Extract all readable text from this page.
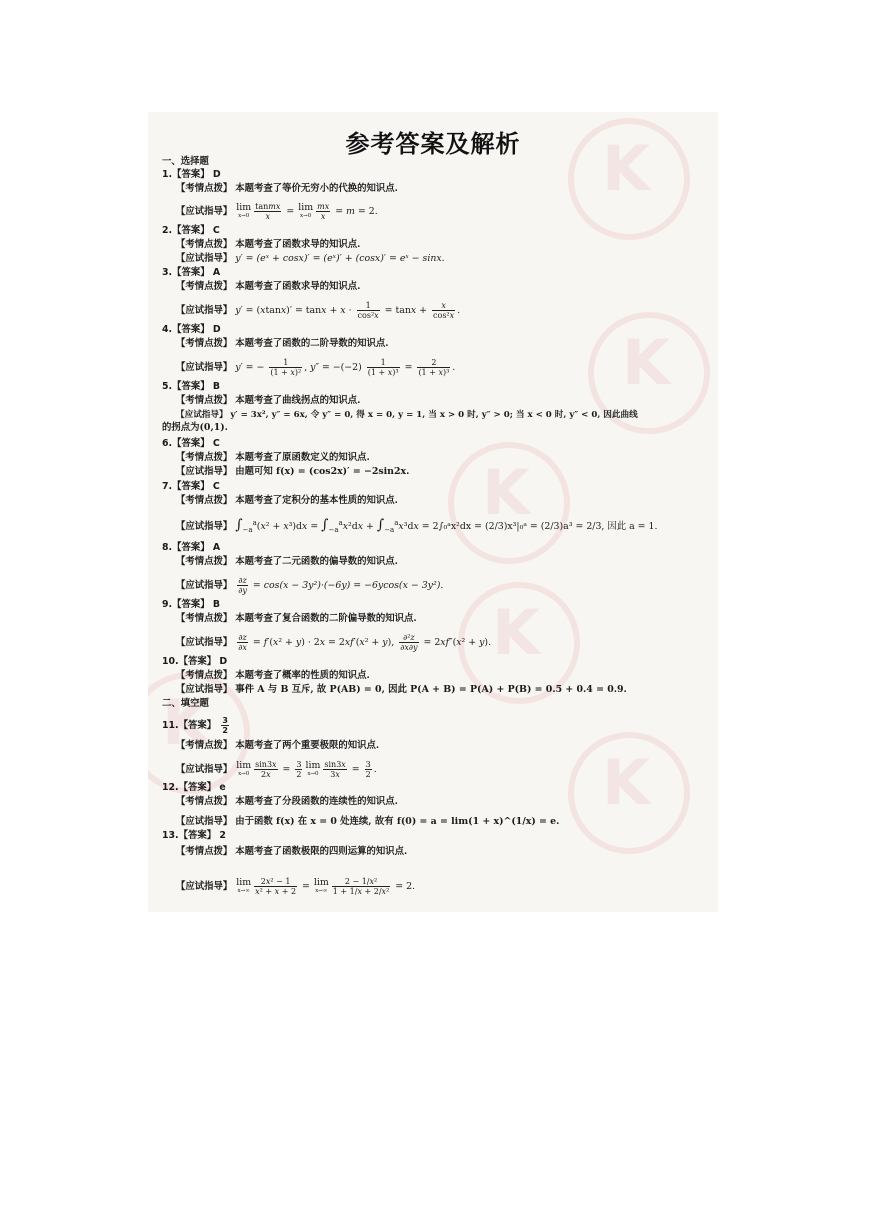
K
K
K
K
K
K
参考答案及解析
一、选择题
1.【答案】 D
【考情点拨】 本题考查了等价无穷小的代换的知识点.
【应试指导】 lim
$x\to 0 \frac{\text{tanmx}}{x} = \lim$
$x\to 0 \frac{mx}{x} = m = 2$.
2.【答案】 C
【考情点拨】 本题考查了函数求导的知识点.
【应试指导】 y′ = (eˣ + cosx)′ = (eˣ)′ + (cosx)′ = eˣ − sinx.
3.【答案】 A
【考情点拨】 本题考查了函数求导的知识点.
【应试指导】 $y' = (xtanx)' = \tan x + x \cdot \frac{1}{\text{cos²x}} = \tan x + \frac{x}{\text{cos²x}}$ .
4.【答案】 D
【考情点拨】 本题考查了函数的二阶导数的知识点.
【应试指导】 y′ = − $\frac{1}{\text{(1 + x)²}}$ , $y'' = -(-2) \frac{1}{\text{(1 + x)³}} = \frac{2}{\text{(1 + x)³}}$ .
5.【答案】 B
【考情点拨】 本题考查了曲线拐点的知识点.
【应试指导】 y′ = 3x², y″ = 6x, 令 y″ = 0, 得 x = 0, y = 1, 当 x > 0 时, y″ > 0; 当 x < 0 时, y″ < 0, 因此曲线
的拐点为(0,1).
6.【答案】 C
【考情点拨】 本题考查了原函数定义的知识点.
【应试指导】 由题可知 f(x) = (cos2x)′ = −2sin2x.
7.【答案】 C
【考情点拨】 本题考查了定积分的基本性质的知识点.
【应试指导】 $\int_{-a}^a(x^2 + x^3)dx = \int_{-a}^ax^2dx + \int_{-a}^ax^3dx$ = 2∫₀ᵃx²dx = (2/3)x³|₀ᵃ = (2/3)a³ = 2/3, 因此 a = 1.
8.【答案】 A
【考情点拨】 本题考查了二元函数的偏导数的知识点.
【应试指导】 $\frac{\partial z}{\partial y} = \cos(x - 3y^2)\cdot(-6y) = -6ycos(x - 3y^2)$.
9.【答案】 B
【考情点拨】 本题考查了复合函数的二阶偏导数的知识点.
【应试指导】 $\frac{\partial z}{\partial x} = f'(x^2 + y) \cdot 2x = 2xf'(x^2 + y)$, $\frac{\text{∂²z}}{\partial x\partial y} = 2xf''(x^2 + y)$.
10.【答案】 D
【考情点拨】 本题考查了概率的性质的知识点.
【应试指导】 事件 A 与 B 互斥, 故 P(AB) = 0, 因此 P(A + B) = P(A) + P(B) = 0.5 + 0.4 = 0.9.
二、填空题
11.【答案】 $\frac{3}{2}$
【考情点拨】 本题考查了两个重要极限的知识点.
【应试指导】 lim
$x\to 0 \frac{\sin 3x}{2x} = \frac{3}{2}$ lim
$x\to 0 \frac{\sin 3x}{3x} = \frac{3}{2}$ .
12.【答案】 e
【考情点拨】 本题考查了分段函数的连续性的知识点.
【应试指导】 由于函数 f(x) 在 x = 0 处连续, 故有 f(0) = a = lim(1 + x)^(1/x) = e.
13.【答案】 2
【考情点拨】 本题考查了函数极限的四则运算的知识点.
【应试指导】 lim
$x\to\infty \frac{\text{2x² − 1}}{\text{x² + x + 2}} = \lim$
$x\to\infty \frac{\text{2 − 1/x²}}{\text{1 + 1/x + 2/x²}} = 2$.
